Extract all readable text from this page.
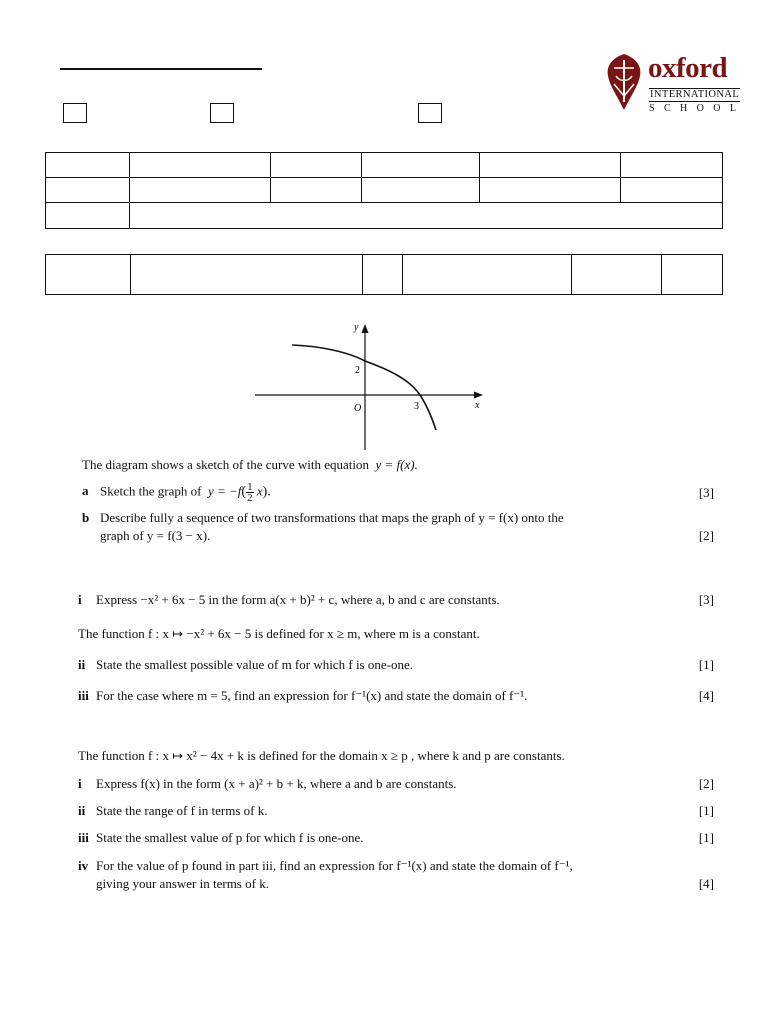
oxford
INTERNATIONAL
SCHOOL

y
x
O
2
3
The diagram shows a sketch of the curve with equation y = f(x).
a Sketch the graph of $y = -f( \frac{1}{2} x)$.	[3]
b Describe fully a sequence of two transformations that maps the graph of y = f(x) onto the
graph of y = f(3 − x).	[2]
i Express −x² + 6x − 5 in the form a(x + b)² + c, where a, b and c are constants.	[3]
The function f : x ↦ −x² + 6x − 5 is defined for x ≥ m, where m is a constant.
ii State the smallest possible value of m for which f is one-one.	[1]
iii For the case where m = 5, find an expression for f⁻¹(x) and state the domain of f⁻¹.	[4]
The function f : x ↦ x² − 4x + k is defined for the domain x ≥ p , where k and p are constants.
i Express f(x) in the form (x + a)² + b + k, where a and b are constants.	[2]
ii State the range of f in terms of k.	[1]
iii State the smallest value of p for which f is one-one.	[1]
iv For the value of p found in part iii, find an expression for f⁻¹(x) and state the domain of f⁻¹,
giving your answer in terms of k.	[4]
